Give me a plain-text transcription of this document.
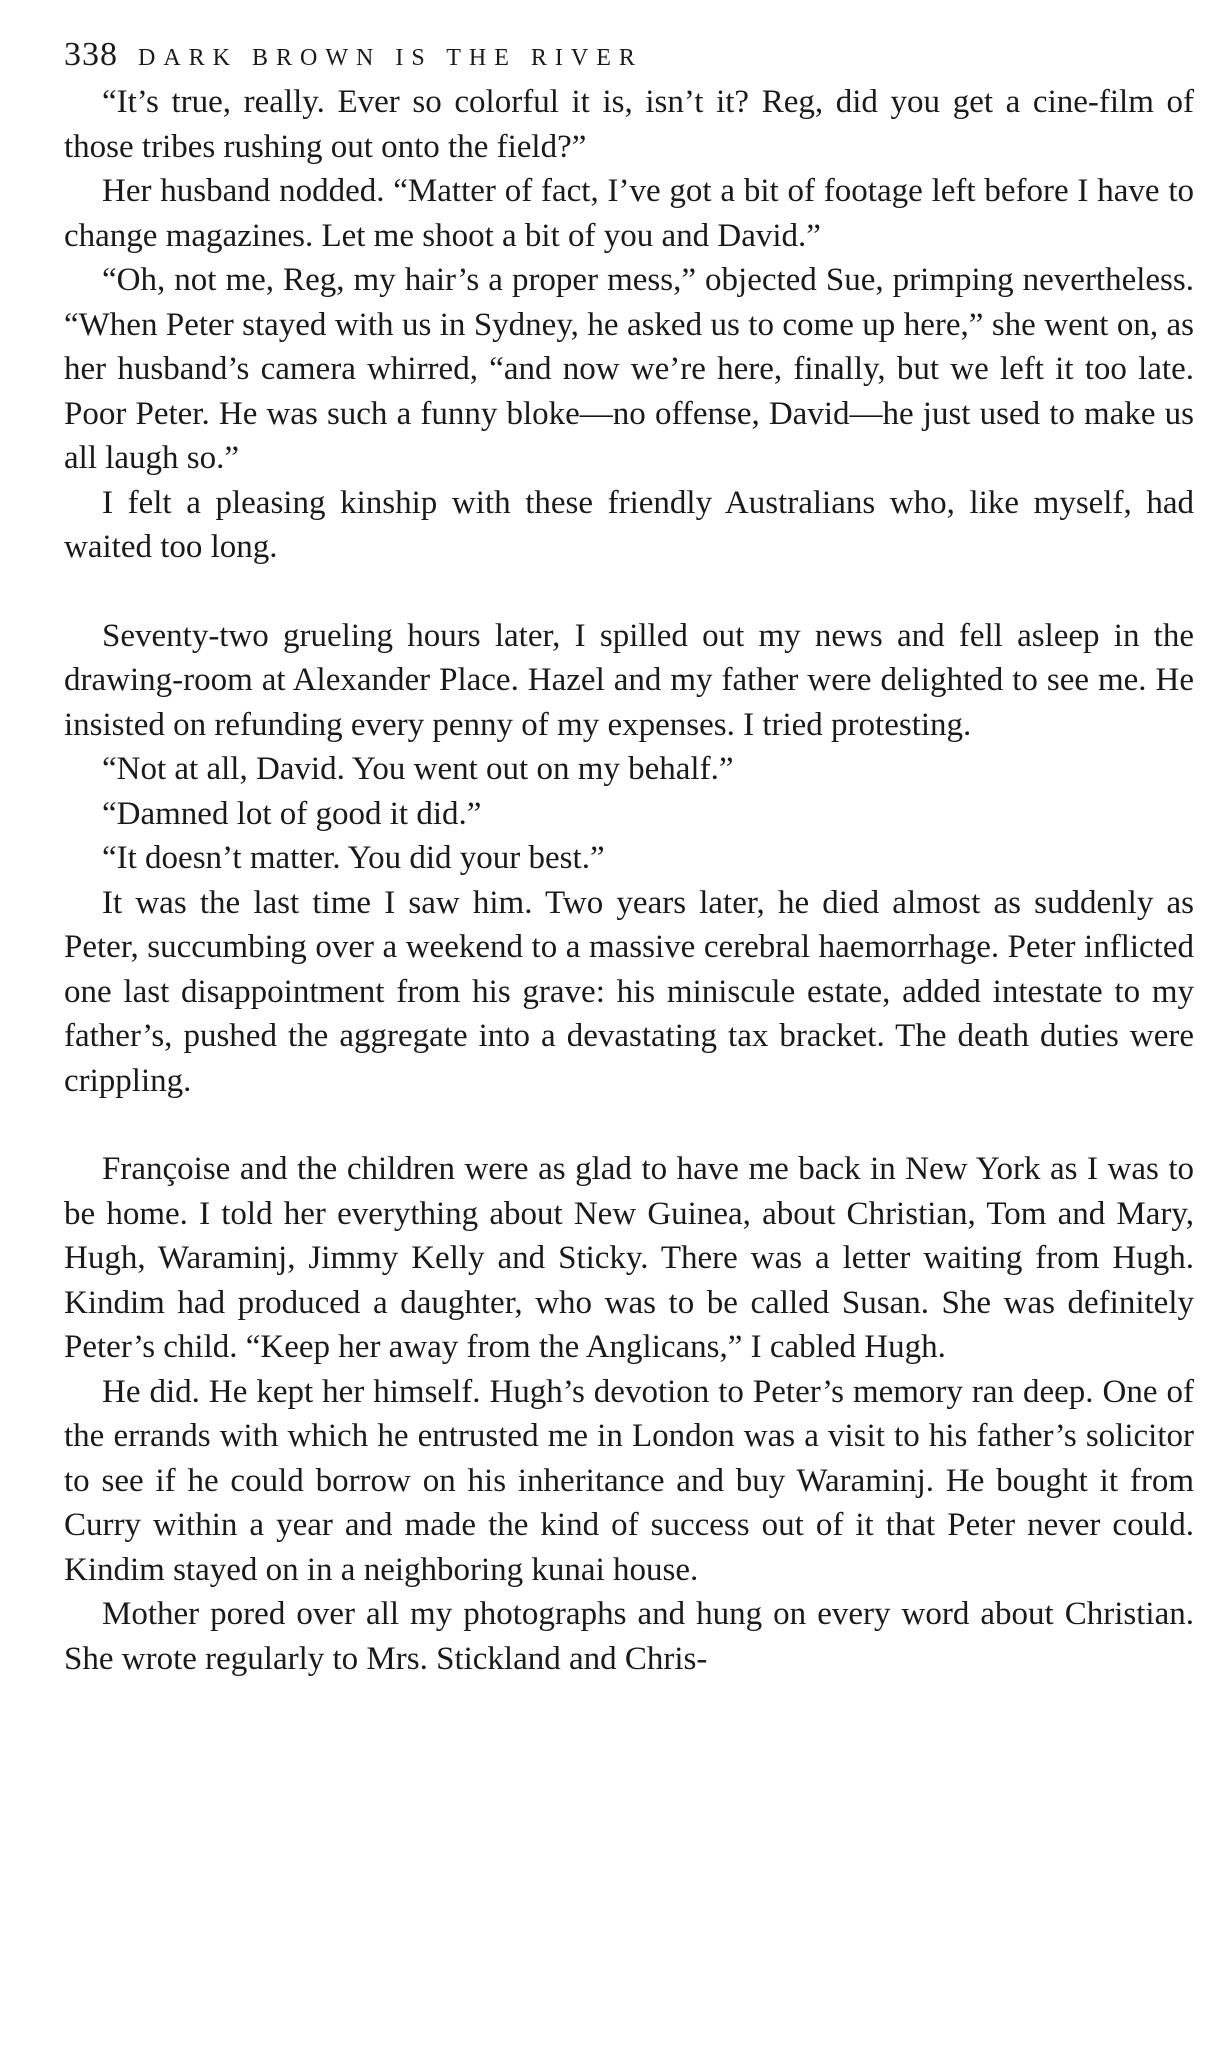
338 DARK BROWN IS THE RIVER

“It’s true, really. Ever so colorful it is, isn’t it? Reg, did you get a cine-film of those tribes rushing out onto the field?”

Her husband nodded. “Matter of fact, I’ve got a bit of footage left before I have to change magazines. Let me shoot a bit of you and David.”

“Oh, not me, Reg, my hair’s a proper mess,” objected Sue, primping nevertheless. “When Peter stayed with us in Sydney, he asked us to come up here,” she went on, as her husband’s camera whirred, “and now we’re here, finally, but we left it too late. Poor Peter. He was such a funny bloke—no offense, David—he just used to make us all laugh so.”

I felt a pleasing kinship with these friendly Australians who, like myself, had waited too long.

Seventy-two grueling hours later, I spilled out my news and fell asleep in the drawing-room at Alexander Place. Hazel and my father were delighted to see me. He insisted on refunding every penny of my expenses. I tried protesting.

“Not at all, David. You went out on my behalf.”

“Damned lot of good it did.”

“It doesn’t matter. You did your best.”

It was the last time I saw him. Two years later, he died almost as suddenly as Peter, succumbing over a weekend to a massive cerebral haemorrhage. Peter inflicted one last disappointment from his grave: his miniscule estate, added intestate to my father’s, pushed the aggregate into a devastating tax bracket. The death duties were crippling.

Françoise and the children were as glad to have me back in New York as I was to be home. I told her everything about New Guinea, about Christian, Tom and Mary, Hugh, Waraminj, Jimmy Kelly and Sticky. There was a letter waiting from Hugh. Kindim had produced a daughter, who was to be called Susan. She was definitely Peter’s child. “Keep her away from the Anglicans,” I cabled Hugh.

He did. He kept her himself. Hugh’s devotion to Peter’s memory ran deep. One of the errands with which he entrusted me in London was a visit to his father’s solicitor to see if he could borrow on his inheritance and buy Waraminj. He bought it from Curry within a year and made the kind of success out of it that Peter never could. Kindim stayed on in a neighboring kunai house.

Mother pored over all my photographs and hung on every word about Christian. She wrote regularly to Mrs. Stickland and Chris-
